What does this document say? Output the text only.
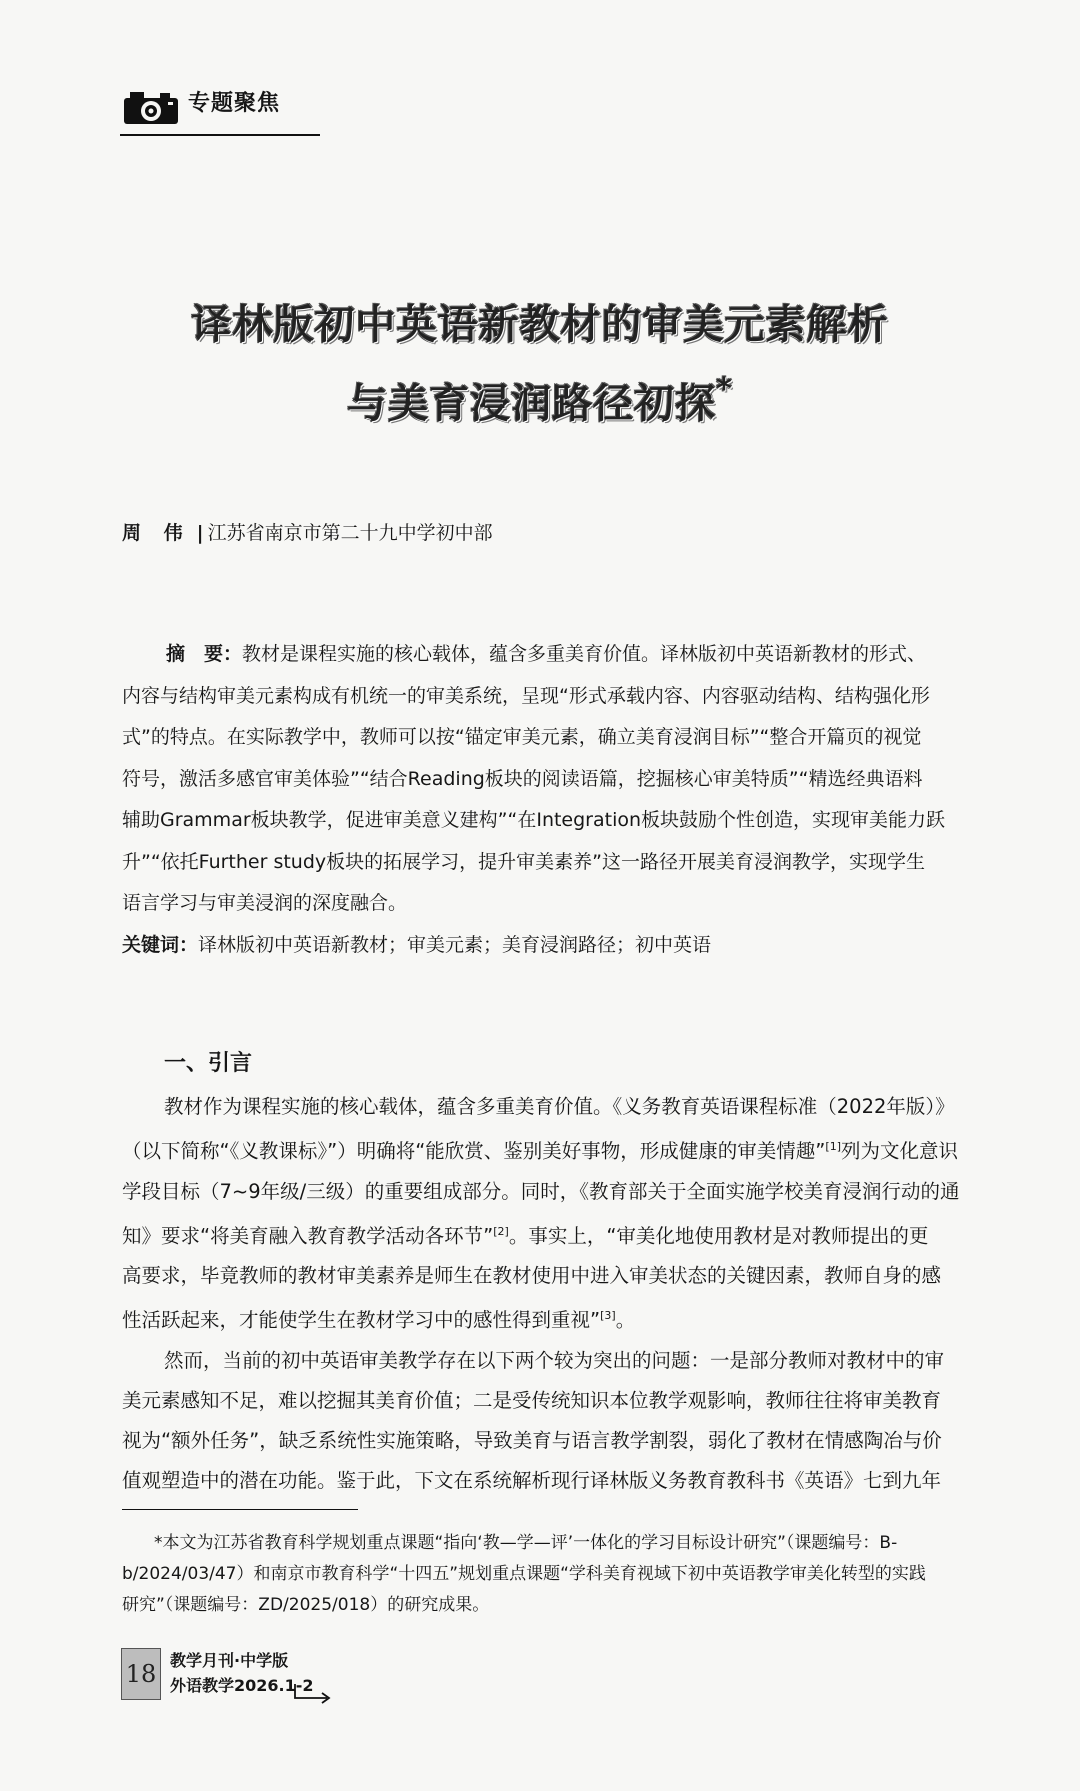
专题聚焦
译林版初中英语新教材的审美元素解析
与美育浸润路径初探*
周 伟 | 江苏省南京市第二十九中学初中部
摘　要：教材是课程实施的核心载体，蕴含多重美育价值。译林版初中英语新教材的形式、
内容与结构审美元素构成有机统一的审美系统，呈现“形式承载内容、内容驱动结构、结构强化形
式”的特点。在实际教学中，教师可以按“锚定审美元素，确立美育浸润目标”“整合开篇页的视觉
符号，激活多感官审美体验”“结合Reading板块的阅读语篇，挖掘核心审美特质”“精选经典语料
辅助Grammar板块教学，促进审美意义建构”“在Integration板块鼓励个性创造，实现审美能力跃
升”“依托Further study板块的拓展学习，提升审美素养”这一路径开展美育浸润教学，实现学生
语言学习与审美浸润的深度融合。
关键词：译林版初中英语新教材；审美元素；美育浸润路径；初中英语
一、引言
教材作为课程实施的核心载体，蕴含多重美育价值。《义务教育英语课程标准（2022年版）》
（以下简称“《义教课标》”）明确将“能欣赏、鉴别美好事物，形成健康的审美情趣”[1]列为文化意识
学段目标（7~9年级/三级）的重要组成部分。同时，《教育部关于全面实施学校美育浸润行动的通
知》要求“将美育融入教育教学活动各环节”[2]。事实上，“审美化地使用教材是对教师提出的更
高要求，毕竟教师的教材审美素养是师生在教材使用中进入审美状态的关键因素，教师自身的感
性活跃起来，才能使学生在教材学习中的感性得到重视”[3]。
然而，当前的初中英语审美教学存在以下两个较为突出的问题：一是部分教师对教材中的审
美元素感知不足，难以挖掘其美育价值；二是受传统知识本位教学观影响，教师往往将审美教育
视为“额外任务”，缺乏系统性实施策略，导致美育与语言教学割裂，弱化了教材在情感陶冶与价
值观塑造中的潜在功能。鉴于此，下文在系统解析现行译林版义务教育教科书《英语》七到九年
*本文为江苏省教育科学规划重点课题“指向‘教—学—评’一体化的学习目标设计研究”（课题编号：B-
b/2024/03/47）和南京市教育科学“十四五”规划重点课题“学科美育视域下初中英语教学审美化转型的实践
研究”（课题编号：ZD/2025/018）的研究成果。
18 教学月刊·中学版
外语教学2026.1-2
